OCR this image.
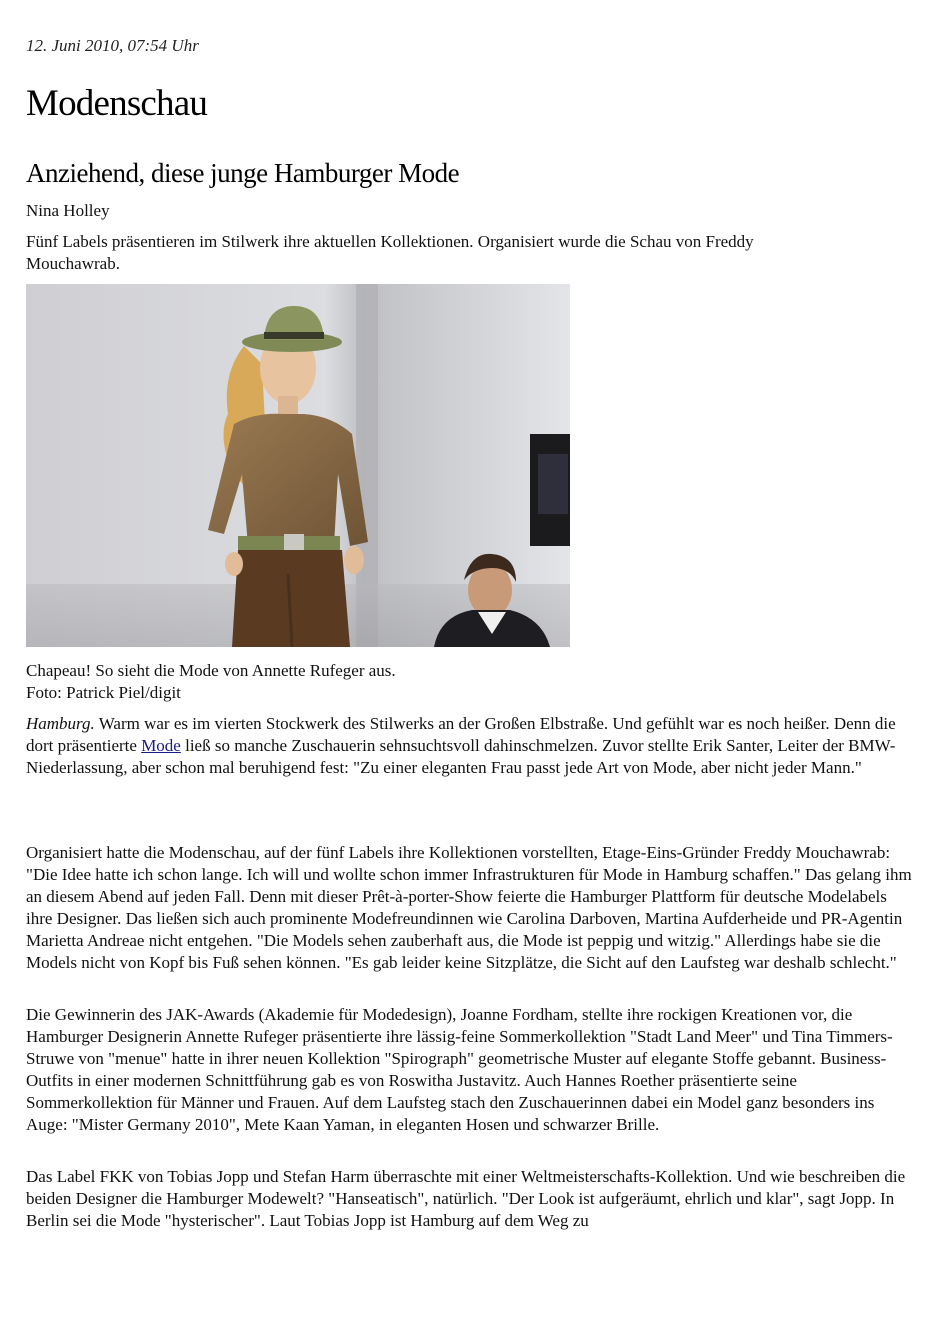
12. Juni 2010, 07:54 Uhr
Modenschau
Anziehend, diese junge Hamburger Mode
Nina Holley
Fünf Labels präsentieren im Stilwerk ihre aktuellen Kollektionen. Organisiert wurde die Schau von Freddy Mouchawrab.
Chapeau! So sieht die Mode von Annette Rufeger aus.
Foto: Patrick Piel/digit

Hamburg. Warm war es im vierten Stockwerk des Stilwerks an der Großen Elbstraße. Und gefühlt war es noch heißer. Denn die dort präsentierte Mode ließ so manche Zuschauerin sehnsuchtsvoll dahinschmelzen. Zuvor stellte Erik Santer, Leiter der BMW-Niederlassung, aber schon mal beruhigend fest: "Zu einer eleganten Frau passt jede Art von Mode, aber nicht jeder Mann."

Organisiert hatte die Modenschau, auf der fünf Labels ihre Kollektionen vorstellten, Etage-Eins-Gründer Freddy Mouchawrab: "Die Idee hatte ich schon lange. Ich will und wollte schon immer Infrastrukturen für Mode in Hamburg schaffen." Das gelang ihm an diesem Abend auf jeden Fall. Denn mit dieser Prêt-à-porter-Show feierte die Hamburger Plattform für deutsche Modelabels ihre Designer. Das ließen sich auch prominente Modefreundinnen wie Carolina Darboven, Martina Aufderheide und PR-Agentin Marietta Andreae nicht entgehen. "Die Models sehen zauberhaft aus, die Mode ist peppig und witzig." Allerdings habe sie die Models nicht von Kopf bis Fuß sehen können. "Es gab leider keine Sitzplätze, die Sicht auf den Laufsteg war deshalb schlecht."

Die Gewinnerin des JAK-Awards (Akademie für Modedesign), Joanne Fordham, stellte ihre rockigen Kreationen vor, die Hamburger Designerin Annette Rufeger präsentierte ihre lässig-feine Sommerkollektion "Stadt Land Meer" und Tina Timmers-Struwe von "menue" hatte in ihrer neuen Kollektion "Spirograph" geometrische Muster auf elegante Stoffe gebannt. Business-Outfits in einer modernen Schnittführung gab es von Roswitha Justavitz. Auch Hannes Roether präsentierte seine Sommerkollektion für Männer und Frauen. Auf dem Laufsteg stach den Zuschauerinnen dabei ein Model ganz besonders ins Auge: "Mister Germany 2010", Mete Kaan Yaman, in eleganten Hosen und schwarzer Brille.

Das Label FKK von Tobias Jopp und Stefan Harm überraschte mit einer Weltmeisterschafts-Kollektion. Und wie beschreiben die beiden Designer die Hamburger Modewelt? "Hanseatisch", natürlich. "Der Look ist aufgeräumt, ehrlich und klar", sagt Jopp. In Berlin sei die Mode "hysterischer". Laut Tobias Jopp ist Hamburg auf dem Weg zu
